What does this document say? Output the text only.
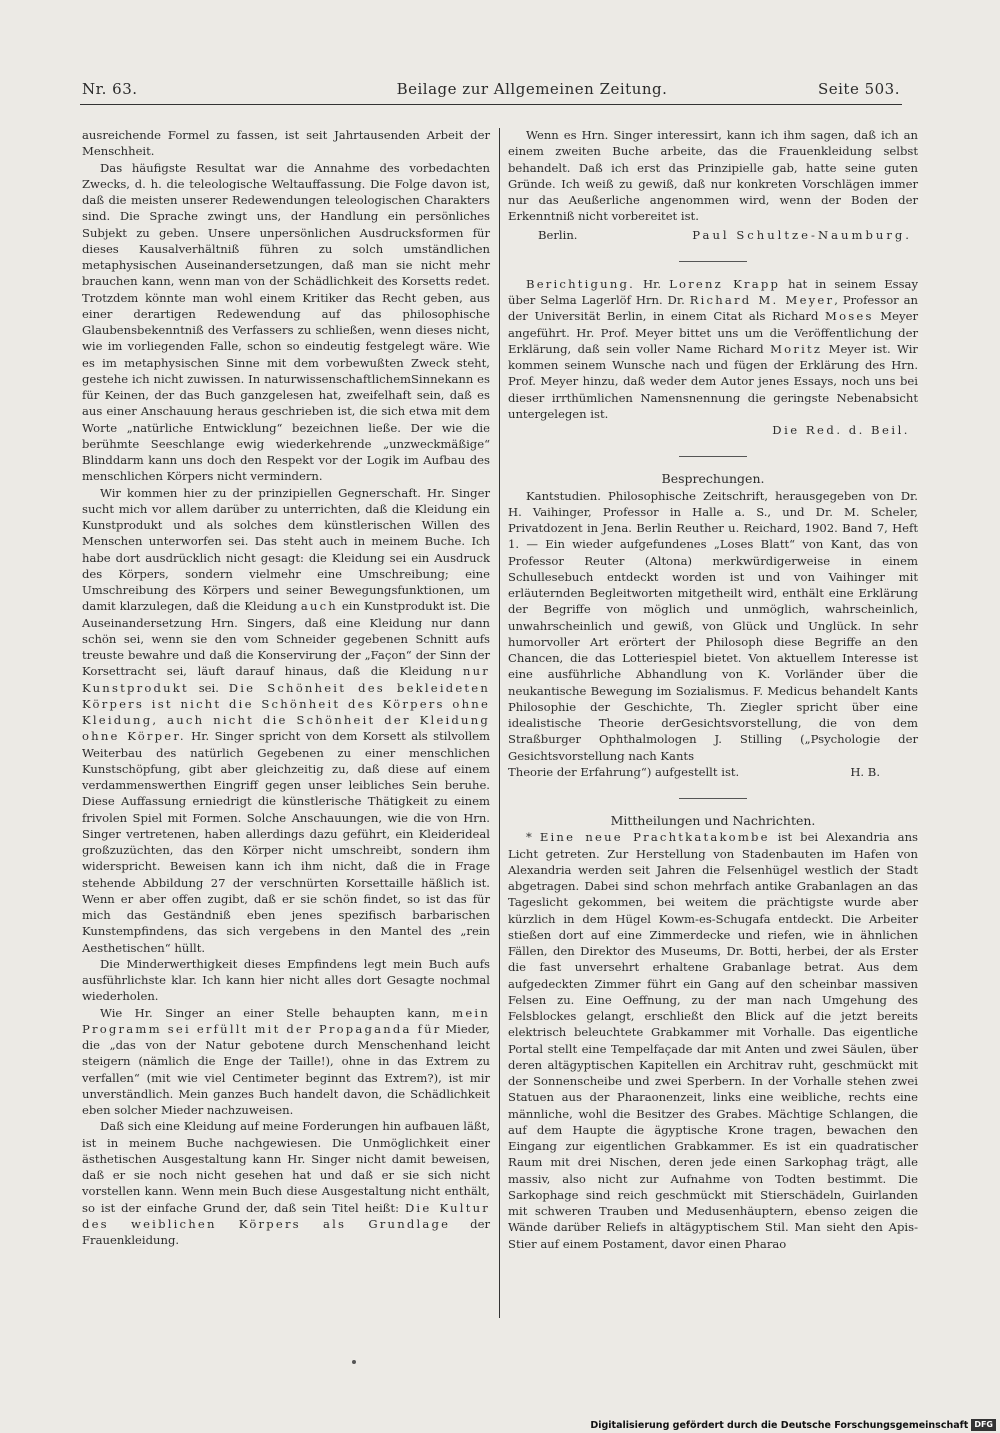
Nr. 63.	Beilage zur Allgemeinen Zeitung.	Seite 503.

ausreichende Formel zu fassen, ist seit Jahrtausenden Arbeit der Menschheit.

Das häufigste Resultat war die Annahme des vorbedachten Zwecks, d. h. die teleologische Weltauffassung. Die Folge davon ist, daß die meisten unserer Redewendungen teleologischen Charakters sind. Die Sprache zwingt uns, der Handlung ein persönliches Subjekt zu geben. Unsere unpersönlichen Ausdrucksformen für dieses Kausalverhältniß führen zu solch umständlichen metaphysischen Auseinandersetzungen, daß man sie nicht mehr brauchen kann, wenn man von der Schädlichkeit des Korsetts redet. Trotzdem könnte man wohl einem Kritiker das Recht geben, aus einer derartigen Redewendung auf das philosophische Glaubensbekenntniß des Verfassers zu schließen, wenn dieses nicht, wie im vorliegenden Falle, schon so eindeutig festgelegt wäre. Wie es im metaphysischen Sinne mit dem vorbewußten Zweck steht, gestehe ich nicht zuwissen. In naturwissenschaftlichemSinnekann es für Keinen, der das Buch ganzgelesen hat, zweifelhaft sein, daß es aus einer Anschauung heraus geschrieben ist, die sich etwa mit dem Worte „natürliche Entwicklung“ bezeichnen ließe. Der wie die berühmte Seeschlange ewig wiederkehrende „unzweckmäßige“ Blinddarm kann uns doch den Respekt vor der Logik im Aufbau des menschlichen Körpers nicht vermindern.

Wir kommen hier zu der prinzipiellen Gegnerschaft. Hr. Singer sucht mich vor allem darüber zu unterrichten, daß die Kleidung ein Kunstprodukt und als solches dem künstlerischen Willen des Menschen unterworfen sei. Das steht auch in meinem Buche. Ich habe dort ausdrücklich nicht gesagt: die Kleidung sei ein Ausdruck des Körpers, sondern vielmehr eine Umschreibung; eine Umschreibung des Körpers und seiner Bewegungsfunktionen, um damit klarzulegen, daß die Kleidung auch ein Kunstprodukt ist. Die Auseinandersetzung Hrn. Singers, daß eine Kleidung nur dann schön sei, wenn sie den vom Schneider gegebenen Schnitt aufs treuste bewahre und daß die Konservirung der „Façon“ der Sinn der Korsettracht sei, läuft darauf hinaus, daß die Kleidung nur Kunstprodukt sei. Die Schönheit des bekleideten Körpers ist nicht die Schönheit des Körpers ohne Kleidung, auch nicht die Schönheit der Kleidung ohne Körper. Hr. Singer spricht von dem Korsett als stilvollem Weiterbau des natürlich Gegebenen zu einer menschlichen Kunstschöpfung, gibt aber gleichzeitig zu, daß diese auf einem verdammenswerthen Eingriff gegen unser leibliches Sein beruhe. Diese Auffassung erniedrigt die künstlerische Thätigkeit zu einem frivolen Spiel mit Formen. Solche Anschauungen, wie die von Hrn. Singer vertretenen, haben allerdings dazu geführt, ein Kleiderideal großzuzüchten, das den Körper nicht umschreibt, sondern ihm widerspricht. Beweisen kann ich ihm nicht, daß die in Frage stehende Abbildung 27 der verschnürten Korsettaille häßlich ist. Wenn er aber offen zugibt, daß er sie schön findet, so ist das für mich das Geständniß eben jenes spezifisch barbarischen Kunstempfindens, das sich vergebens in den Mantel des „rein Aesthetischen“ hüllt.

Die Minderwerthigkeit dieses Empfindens legt mein Buch aufs ausführlichste klar. Ich kann hier nicht alles dort Gesagte nochmal wiederholen.

Wie Hr. Singer an einer Stelle behaupten kann, mein Programm sei erfüllt mit der Propaganda für Mieder, die „das von der Natur gebotene durch Menschenhand leicht steigern (nämlich die Enge der Taille!), ohne in das Extrem zu verfallen“ (mit wie viel Centimeter beginnt das Extrem?), ist mir unverständlich. Mein ganzes Buch handelt davon, die Schädlichkeit eben solcher Mieder nachzuweisen.

Daß sich eine Kleidung auf meine Forderungen hin aufbauen läßt, ist in meinem Buche nachgewiesen. Die Unmöglichkeit einer ästhetischen Ausgestaltung kann Hr. Singer nicht damit beweisen, daß er sie noch nicht gesehen hat und daß er sie sich nicht vorstellen kann. Wenn mein Buch diese Ausgestaltung nicht enthält, so ist der einfache Grund der, daß sein Titel heißt: Die Kultur des weiblichen Körpers als Grundlage der Frauenkleidung.

Wenn es Hrn. Singer interessirt, kann ich ihm sagen, daß ich an einem zweiten Buche arbeite, das die Frauenkleidung selbst behandelt. Daß ich erst das Prinzipielle gab, hatte seine guten Gründe. Ich weiß zu gewiß, daß nur konkreten Vorschlägen immer nur das Aeußerliche angenommen wird, wenn der Boden der Erkenntniß nicht vorbereitet ist.

Berlin.	Paul Schultze-Naumburg.

Berichtigung. Hr. Lorenz Krapp hat in seinem Essay über Selma Lagerlöf Hrn. Dr. Richard M. Meyer, Professor an der Universität Berlin, in einem Citat als Richard Moses Meyer angeführt. Hr. Prof. Meyer bittet uns um die Veröffentlichung der Erklärung, daß sein voller Name Richard Moritz Meyer ist. Wir kommen seinem Wunsche nach und fügen der Erklärung des Hrn. Prof. Meyer hinzu, daß weder dem Autor jenes Essays, noch uns bei dieser irrthümlichen Namensnennung die geringste Nebenabsicht untergelegen ist.

Die Red. d. Beil.

Besprechungen.

Kantstudien. Philosophische Zeitschrift, herausgegeben von Dr. H. Vaihinger, Professor in Halle a. S., und Dr. M. Scheler, Privatdozent in Jena. Berlin Reuther u. Reichard, 1902. Band 7, Heft 1. — Ein wieder aufgefundenes „Loses Blatt“ von Kant, das von Professor Reuter (Altona) merkwürdigerweise in einem Schullesebuch entdeckt worden ist und von Vaihinger mit erläuternden Begleitworten mitgetheilt wird, enthält eine Erklärung der Begriffe von möglich und unmöglich, wahrscheinlich, unwahrscheinlich und gewiß, von Glück und Unglück. In sehr humorvoller Art erörtert der Philosoph diese Begriffe an den Chancen, die das Lotteriespiel bietet. Von aktuellem Interesse ist eine ausführliche Abhandlung von K. Vorländer über die neukantische Bewegung im Sozialismus. F. Medicus behandelt Kants Philosophie der Geschichte, Th. Ziegler spricht über eine idealistische Theorie derGesichtsvorstellung, die von dem Straßburger Ophthalmologen J. Stilling („Psychologie der Gesichtsvorstellung nach Kants

Theorie der Erfahrung“) aufgestellt ist.	H. B.

Mittheilungen und Nachrichten.

* Eine neue Prachtkatakombe ist bei Alexandria ans Licht getreten. Zur Herstellung von Stadenbauten im Hafen von Alexandria werden seit Jahren die Felsenhügel westlich der Stadt abgetragen. Dabei sind schon mehrfach antike Grabanlagen an das Tageslicht gekommen, bei weitem die prächtigste wurde aber kürzlich in dem Hügel Kowm-es-Schugafa entdeckt. Die Arbeiter stießen dort auf eine Zimmerdecke und riefen, wie in ähnlichen Fällen, den Direktor des Museums, Dr. Botti, herbei, der als Erster die fast unversehrt erhaltene Grabanlage betrat. Aus dem aufgedeckten Zimmer führt ein Gang auf den scheinbar massiven Felsen zu. Eine Oeffnung, zu der man nach Umgehung des Felsblockes gelangt, erschließt den Blick auf die jetzt bereits elektrisch beleuchtete Grabkammer mit Vorhalle. Das eigentliche Portal stellt eine Tempelfaçade dar mit Anten und zwei Säulen, über deren altägyptischen Kapitellen ein Architrav ruht, geschmückt mit der Sonnenscheibe und zwei Sperbern. In der Vorhalle stehen zwei Statuen aus der Pharaonenzeit, links eine weibliche, rechts eine männliche, wohl die Besitzer des Grabes. Mächtige Schlangen, die auf dem Haupte die ägyptische Krone tragen, bewachen den Eingang zur eigentlichen Grabkammer. Es ist ein quadratischer Raum mit drei Nischen, deren jede einen Sarkophag trägt, alle massiv, also nicht zur Aufnahme von Todten bestimmt. Die Sarkophage sind reich geschmückt mit Stierschädeln, Guirlanden mit schweren Trauben und Medusenhäuptern, ebenso zeigen die Wände darüber Reliefs in altägyptischem Stil. Man sieht den Apis-Stier auf einem Postament, davor einen Pharao

Digitalisierung gefördert durch die Deutsche Forschungsgemeinschaft DFG
